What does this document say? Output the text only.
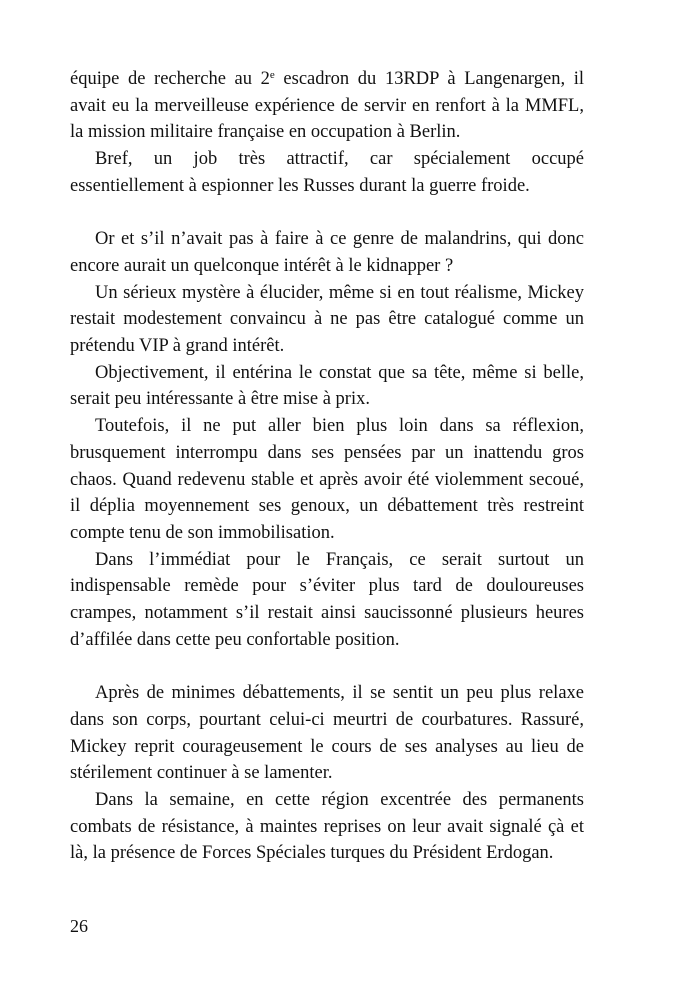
équipe de recherche au 2e escadron du 13RDP à Langenargen, il avait eu la merveilleuse expérience de servir en renfort à la MMFL, la mission militaire française en occupation à Berlin.

Bref, un job très attractif, car spécialement occupé essentiellement à espionner les Russes durant la guerre froide.

Or et s’il n’avait pas à faire à ce genre de malandrins, qui donc encore aurait un quelconque intérêt à le kidnapper ?

Un sérieux mystère à élucider, même si en tout réalisme, Mickey restait modestement convaincu à ne pas être catalogué comme un prétendu VIP à grand intérêt.

Objectivement, il entérina le constat que sa tête, même si belle, serait peu intéressante à être mise à prix.

Toutefois, il ne put aller bien plus loin dans sa réflexion, brusquement interrompu dans ses pensées par un inattendu gros chaos. Quand redevenu stable et après avoir été violemment secoué, il déplia moyennement ses genoux, un débattement très restreint compte tenu de son immobilisation.

Dans l’immédiat pour le Français, ce serait surtout un indispensable remède pour s’éviter plus tard de douloureuses crampes, notamment s’il restait ainsi saucissonné plusieurs heures d’affilée dans cette peu confortable position.

Après de minimes débattements, il se sentit un peu plus relaxe dans son corps, pourtant celui-ci meurtri de courbatures. Rassuré, Mickey reprit courageusement le cours de ses analyses au lieu de stérilement continuer à se lamenter.

Dans la semaine, en cette région excentrée des permanents combats de résistance, à maintes reprises on leur avait signalé çà et là, la présence de Forces Spéciales turques du Président Erdogan.

26
